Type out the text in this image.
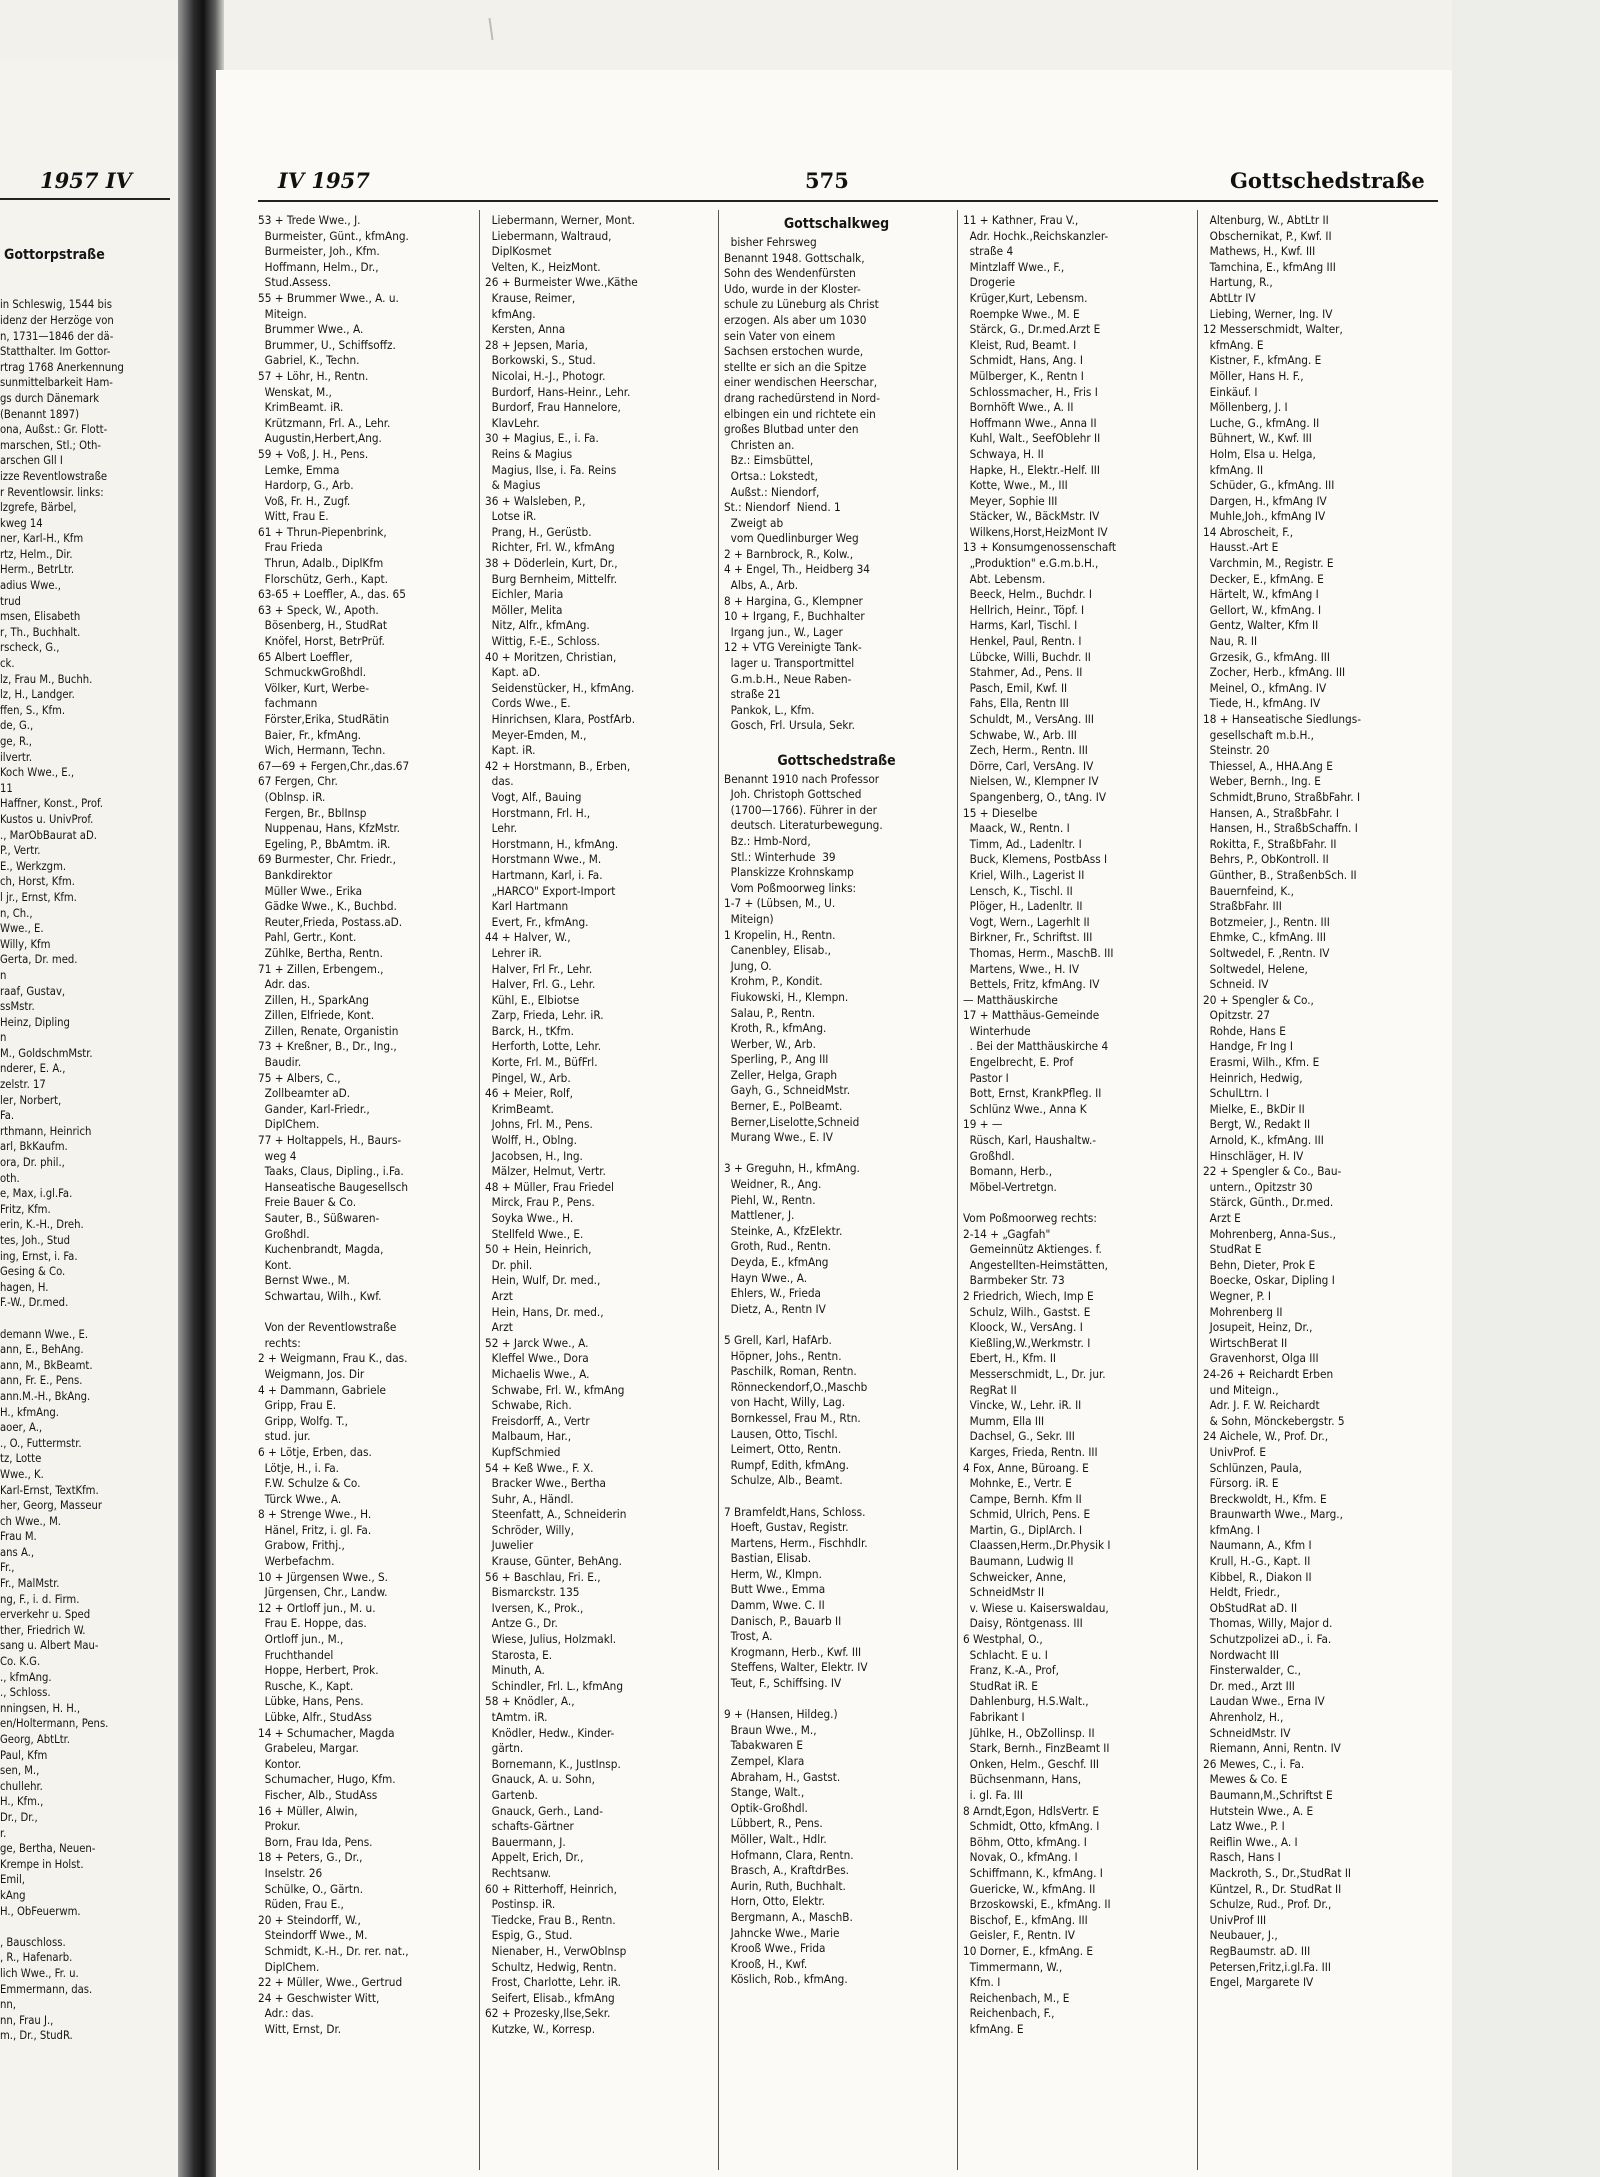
1957 IV

Gottorpstraße

in Schleswig, 1544 bis
idenz der Herzöge von
n, 1731—1846 der dä-
Statthalter. Im Gottor-
rtrag 1768 Anerkennung
sunmittelbarkeit Ham-
gs durch Dänemark
(Benannt 1897)
ona, Außst.: Gr. Flott-
marschen, Stl.; Oth-
arschen Gll I
izze Reventlowstraße
r Reventlowsir. links:
lzgrefe, Bärbel,
kweg 14
ner, Karl-H., Kfm
rtz, Helm., Dir.
Herm., BetrLtr.
adius Wwe.,
trud
msen, Elisabeth
r, Th., Buchhalt.
rscheck, G.,
ck.
lz, Frau M., Buchh.
lz, H., Landger.
ffen, S., Kfm.
de, G.,
ge, R.,
ilvertr.
Koch Wwe., E.,
11
Haffner, Konst., Prof.
Kustos u. UnivProf.
., MarObBaurat aD.
P., Vertr.
E., Werkzgm.
ch, Horst, Kfm.
l jr., Ernst, Kfm.
n, Ch.,
Wwe., E.
Willy, Kfm
Gerta, Dr. med.
n
raaf, Gustav,
ssMstr.
Heinz, Dipling
n
M., GoldschmMstr.
nderer, E. A.,
zelstr. 17
ler, Norbert,
Fa.
rthmann, Heinrich
arl, BkKaufm.
ora, Dr. phil.,
oth.
e, Max, i.gl.Fa.
Fritz, Kfm.
erin, K.-H., Dreh.
tes, Joh., Stud
ing, Ernst, i. Fa.
Gesing & Co.
hagen, H.
F.-W., Dr.med.
demann Wwe., E.
ann, E., BehAng.
ann, M., BkBeamt.
ann, Fr. E., Pens.
ann.M.-H., BkAng.
H., kfmAng.
aoer, A.,
., O., Futtermstr.
tz, Lotte
Wwe., K.
Karl-Ernst, TextKfm.
her, Georg, Masseur
ch Wwe., M.
Frau M.
ans A.,
Fr.,
Fr., MalMstr.
ng, F., i. d. Firm.
erverkehr u. Sped
ther, Friedrich W.
sang u. Albert Mau-
Co. K.G.
., kfmAng.
., Schloss.
nningsen, H. H.,
en/Holtermann, Pens.
Georg, AbtLtr.
Paul, Kfm
sen, M.,
chullehr.
H., Kfm.,
Dr., Dr.,
r.
ge, Bertha, Neuen-
Krempe in Holst.
Emil,
kAng
H., ObFeuerwm.
, Bauschloss.
, R., Hafenarb.
lich Wwe., Fr. u.
Emmermann, das.
nn,
nn, Frau J.,
m., Dr., StudR.
IV 1957	575	Gottschedstraße
53 + Trede Wwe., J.
Burmeister, Günt., kfmAng.
Burmeister, Joh., Kfm.
Hoffmann, Helm., Dr.,
Stud.Assess.
55 + Brummer Wwe., A. u.
Miteign.
Brummer Wwe., A.
Brummer, U., Schiffsoffz.
Gabriel, K., Techn.
57 + Löhr, H., Rentn.
Wenskat, M.,
KrimBeamt. iR.
Krützmann, Frl. A., Lehr.
Augustin,Herbert,Ang.
59 + Voß, J. H., Pens.
Lemke, Emma
Hardorp, G., Arb.
Voß, Fr. H., Zugf.
Witt, Frau E.
61 + Thrun-Piepenbrink,
Frau Frieda
Thrun, Adalb., DiplKfm
Florschütz, Gerh., Kapt.
63-65 + Loeffler, A., das. 65
63 + Speck, W., Apoth.
Bösenberg, H., StudRat
Knöfel, Horst, BetrPrüf.
65 Albert Loeffler,
SchmuckwGroßhdl.
Völker, Kurt, Werbe-
fachmann
Förster,Erika, StudRätin
Baier, Fr., kfmAng.
Wich, Hermann, Techn.
67—69 + Fergen,Chr.,das.67
67 Fergen, Chr.
(Oblnsp. iR.
Fergen, Br., BblInsp
Nuppenau, Hans, KfzMstr.
Egeling, P., BbAmtm. iR.
69 Burmester, Chr. Friedr.,
Bankdirektor
Müller Wwe., Erika
Gädke Wwe., K., Buchbd.
Reuter,Frieda, Postass.aD.
Pahl, Gertr., Kont.
Zühlke, Bertha, Rentn.
71 + Zillen, Erbengem.,
Adr. das.
Zillen, H., SparkAng
Zillen, Elfriede, Kont.
Zillen, Renate, Organistin
73 + Kreßner, B., Dr., Ing.,
Baudir.
75 + Albers, C.,
Zollbeamter aD.
Gander, Karl-Friedr.,
DiplChem.
77 + Holtappels, H., Baurs-
weg 4
Taaks, Claus, Dipling., i.Fa.
Hanseatische Baugesellsch
Freie Bauer & Co.
Sauter, B., Süßwaren-
Großhdl.
Kuchenbrandt, Magda,
Kont.
Bernst Wwe., M.
Schwartau, Wilh., Kwf.
Von der Reventlowstraße
rechts:
2 + Weigmann, Frau K., das.
Weigmann, Jos. Dir
4 + Dammann, Gabriele
Gripp, Frau E.
Gripp, Wolfg. T.,
stud. jur.
6 + Lötje, Erben, das.
Lötje, H., i. Fa.
F.W. Schulze & Co.
Türck Wwe., A.
8 + Strenge Wwe., H.
Hänel, Fritz, i. gl. Fa.
Grabow, Frithj.,
Werbefachm.
10 + Jürgensen Wwe., S.
Jürgensen, Chr., Landw.
12 + Ortloff jun., M. u.
Frau E. Hoppe, das.
Ortloff jun., M.,
Fruchthandel
Hoppe, Herbert, Prok.
Rusche, K., Kapt.
Lübke, Hans, Pens.
Lübke, Alfr., StudAss
14 + Schumacher, Magda
Grabeleu, Margar.
Kontor.
Schumacher, Hugo, Kfm.
Fischer, Alb., StudAss
16 + Müller, Alwin,
Prokur.
Born, Frau Ida, Pens.
18 + Peters, G., Dr.,
Inselstr. 26
Schülke, O., Gärtn.
Rüden, Frau E.,
20 + Steindorff, W.,
Steindorff Wwe., M.
Schmidt, K.-H., Dr. rer. nat.,
DiplChem.
22 + Müller, Wwe., Gertrud
24 + Geschwister Witt,
Adr.: das.
Witt, Ernst, Dr.
Liebermann, Werner, Mont.
Liebermann, Waltraud,
DiplKosmet
Velten, K., HeizMont.
26 + Burmeister Wwe.,Käthe
Krause, Reimer,
kfmAng.
Kersten, Anna
28 + Jepsen, Maria,
Borkowski, S., Stud.
Nicolai, H.-J., Photogr.
Burdorf, Hans-Heinr., Lehr.
Burdorf, Frau Hannelore,
KlavLehr.
30 + Magius, E., i. Fa.
Reins & Magius
Magius, Ilse, i. Fa. Reins
& Magius
36 + Walsleben, P.,
Lotse iR.
Prang, H., Gerüstb.
Richter, Frl. W., kfmAng
38 + Döderlein, Kurt, Dr.,
Burg Bernheim, Mittelfr.
Eichler, Maria
Möller, Melita
Nitz, Alfr., kfmAng.
Wittig, F.-E., Schloss.
40 + Moritzen, Christian,
Kapt. aD.
Seidenstücker, H., kfmAng.
Cords Wwe., E.
Hinrichsen, Klara, PostfArb.
Meyer-Emden, M.,
Kapt. iR.
42 + Horstmann, B., Erben,
das.
Vogt, Alf., Bauing
Horstmann, Frl. H.,
Lehr.
Horstmann, H., kfmAng.
Horstmann Wwe., M.
Hartmann, Karl, i. Fa.
„HARCO" Export-Import
Karl Hartmann
Evert, Fr., kfmAng.
44 + Halver, W.,
Lehrer iR.
Halver, Frl Fr., Lehr.
Halver, Frl. G., Lehr.
Kühl, E., Elbiotse
Zarp, Frieda, Lehr. iR.
Barck, H., tKfm.
Herforth, Lotte, Lehr.
Korte, Frl. M., BüfFrl.
Pingel, W., Arb.
46 + Meier, Rolf,
KrimBeamt.
Johns, Frl. M., Pens.
Wolff, H., Oblng.
Jacobsen, H., Ing.
Mälzer, Helmut, Vertr.
48 + Müller, Frau Friedel
Mirck, Frau P., Pens.
Soyka Wwe., H.
Stellfeld Wwe., E.
50 + Hein, Heinrich,
Dr. phil.
Hein, Wulf, Dr. med.,
Arzt
Hein, Hans, Dr. med.,
Arzt
52 + Jarck Wwe., A.
Kleffel Wwe., Dora
Michaelis Wwe., A.
Schwabe, Frl. W., kfmAng
Schwabe, Rich.
Freisdorff, A., Vertr
Malbaum, Har.,
KupfSchmied
54 + Keß Wwe., F. X.
Bracker Wwe., Bertha
Suhr, A., Händl.
Steenfatt, A., Schneiderin
Schröder, Willy,
Juwelier
Krause, Günter, BehAng.
56 + Baschlau, Fri. E.,
Bismarckstr. 135
Iversen, K., Prok.,
Antze G., Dr.
Wiese, Julius, Holzmakl.
Starosta, E.
Minuth, A.
Schindler, Frl. L., kfmAng
58 + Knödler, A.,
tAmtm. iR.
Knödler, Hedw., Kinder-
gärtn.
Bornemann, K., JustInsp.
Gnauck, A. u. Sohn,
Gartenb.
Gnauck, Gerh., Land-
schafts-Gärtner
Bauermann, J.
Appelt, Erich, Dr.,
Rechtsanw.
60 + Ritterhoff, Heinrich,
Postinsp. iR.
Tiedcke, Frau B., Rentn.
Espig, G., Stud.
Nienaber, H., VerwOblnsp
Schultz, Hedwig, Rentn.
Frost, Charlotte, Lehr. iR.
Seifert, Elisab., kfmAng
62 + Prozesky,Ilse,Sekr.
Kutzke, W., Korresp.
Gottschalkweg
bisher Fehrsweg
Benannt 1948. Gottschalk,
Sohn des Wendenfürsten
Udo, wurde in der Kloster-
schule zu Lüneburg als Christ
erzogen. Als aber um 1030
sein Vater von einem
Sachsen erstochen wurde,
stellte er sich an die Spitze
einer wendischen Heerschar,
drang rachedürstend in Nord-
elbingen ein und richtete ein
großes Blutbad unter den
Christen an.
Bz.: Eimsbüttel,
Ortsa.: Lokstedt,
Außst.: Niendorf,
St.: Niendorf  Niend. 1
Zweigt ab
vom Quedlinburger Weg
2 + Barnbrock, R., Kolw.,
4 + Engel, Th., Heidberg 34
Albs, A., Arb.
8 + Hargina, G., Klempner
10 + Irgang, F., Buchhalter
Irgang jun., W., Lager
12 + VTG Vereinigte Tank-
lager u. Transportmittel
G.m.b.H., Neue Raben-
straße 21
Pankok, L., Kfm.
Gosch, Frl. Ursula, Sekr.
Gottschedstraße
Benannt 1910 nach Professor
Joh. Christoph Gottsched
(1700—1766). Führer in der
deutsch. Literaturbewegung.
Bz.: Hmb-Nord,
Stl.: Winterhude  39
Planskizze Krohnskamp
Vom Poßmoorweg links:
1-7 + (Lübsen, M., U.
Miteign)
1 Kropelin, H., Rentn.
Canenbley, Elisab.,
Jung, O.
Krohm, P., Kondit.
Fiukowski, H., Klempn.
Salau, P., Rentn.
Kroth, R., kfmAng.
Werber, W., Arb.
Sperling, P., Ang III
Zeller, Helga, Graph
Gayh, G., SchneidMstr.
Berner, E., PolBeamt.
Berner,Liselotte,Schneid
Murang Wwe., E. IV
3 + Greguhn, H., kfmAng.
Weidner, R., Ang.
Piehl, W., Rentn.
Mattlener, J.
Steinke, A., KfzElektr.
Groth, Rud., Rentn.
Deyda, E., kfmAng
Hayn Wwe., A.
Ehlers, W., Frieda
Dietz, A., Rentn IV
5 Grell, Karl, HafArb.
Höpner, Johs., Rentn.
Paschilk, Roman, Rentn.
Rönneckendorf,O.,Maschb
von Hacht, Willy, Lag.
Bornkessel, Frau M., Rtn.
Lausen, Otto, Tischl.
Leimert, Otto, Rentn.
Rumpf, Edith, kfmAng.
Schulze, Alb., Beamt.
7 Bramfeldt,Hans, Schloss.
Hoeft, Gustav, Registr.
Martens, Herm., Fischhdlr.
Bastian, Elisab.
Herm, W., Klmpn.
Butt Wwe., Emma
Damm, Wwe. C. II
Danisch, P., Bauarb II
Trost, A.
Krogmann, Herb., Kwf. III
Steffens, Walter, Elektr. IV
Teut, F., Schiffsing. IV
9 + (Hansen, Hildeg.)
Braun Wwe., M.,
Tabakwaren E
Zempel, Klara
Abraham, H., Gastst.
Stange, Walt.,
Optik-Großhdl.
Lübbert, R., Pens.
Möller, Walt., Hdlr.
Hofmann, Clara, Rentn.
Brasch, A., KraftdrBes.
Aurin, Ruth, Buchhalt.
Horn, Otto, Elektr.
Bergmann, A., MaschB.
Jahncke Wwe., Marie
Krooß Wwe., Frida
Krooß, H., Kwf.
Köslich, Rob., kfmAng.
11 + Kathner, Frau V.,
Adr. Hochk.,Reichskanzler-
straße 4
Mintzlaff Wwe., F.,
Drogerie
Krüger,Kurt, Lebensm.
Roempke Wwe., M. E
Stärck, G., Dr.med.Arzt E
Kleist, Rud, Beamt. I
Schmidt, Hans, Ang. I
Mülberger, K., Rentn I
Schlossmacher, H., Fris I
Bornhöft Wwe., A. II
Hoffmann Wwe., Anna II
Kuhl, Walt., SeefOblehr II
Schwaya, H. II
Hapke, H., Elektr.-Helf. III
Kotte, Wwe., M., III
Meyer, Sophie III
Stäcker, W., BäckMstr. IV
Wilkens,Horst,HeizMont IV
13 + Konsumgenossenschaft
„Produktion" e.G.m.b.H.,
Abt. Lebensm.
Beeck, Helm., Buchdr. I
Hellrich, Heinr., Töpf. I
Harms, Karl, Tischl. I
Henkel, Paul, Rentn. I
Lübcke, Willi, Buchdr. II
Stahmer, Ad., Pens. II
Pasch, Emil, Kwf. II
Fahs, Ella, Rentn III
Schuldt, M., VersAng. III
Schwabe, W., Arb. III
Zech, Herm., Rentn. III
Dörre, Carl, VersAng. IV
Nielsen, W., Klempner IV
Spangenberg, O., tAng. IV
15 + Dieselbe
Maack, W., Rentn. I
Timm, Ad., Ladenltr. I
Buck, Klemens, PostbAss I
Kriel, Wilh., Lagerist II
Lensch, K., Tischl. II
Plöger, H., Ladenltr. II
Vogt, Wern., Lagerhlt II
Birkner, Fr., Schriftst. III
Thomas, Herm., MaschB. III
Martens, Wwe., H. IV
Bettels, Fritz, kfmAng. IV
— Matthäuskirche
17 + Matthäus-Gemeinde
Winterhude
. Bei der Matthäuskirche 4
Engelbrecht, E. Prof
Pastor I
Bott, Ernst, KrankPfleg. II
Schlünz Wwe., Anna K
19 + —
Rüsch, Karl, Haushaltw.-
Großhdl.
Bomann, Herb.,
Möbel-Vertretgn.
Vom Poßmoorweg rechts:
2-14 + „Gagfah"
Gemeinnütz Aktienges. f.
Angestellten-Heimstätten,
Barmbeker Str. 73
2 Friedrich, Wiech, Imp E
Schulz, Wilh., Gastst. E
Kloock, W., VersAng. I
Kießling,W.,Werkmstr. I
Ebert, H., Kfm. II
Messerschmidt, L., Dr. jur.
RegRat II
Vincke, W., Lehr. iR. II
Mumm, Ella III
Dachsel, G., Sekr. III
Karges, Frieda, Rentn. III
4 Fox, Anne, Büroang. E
Mohnke, E., Vertr. E
Campe, Bernh. Kfm II
Schmid, Ulrich, Pens. E
Martin, G., DiplArch. I
Claassen,Herm.,Dr.Physik I
Baumann, Ludwig II
Schweicker, Anne,
SchneidMstr II
v. Wiese u. Kaiserswaldau,
Daisy, Röntgenass. III
6 Westphal, O.,
Schlacht. E u. I
Franz, K.-A., Prof,
StudRat iR. E
Dahlenburg, H.S.Walt.,
Fabrikant I
Jühlke, H., ObZollinsp. II
Stark, Bernh., FinzBeamt II
Onken, Helm., Geschf. III
Büchsenmann, Hans,
i. gl. Fa. III
8 Arndt,Egon, HdlsVertr. E
Schmidt, Otto, kfmAng. I
Böhm, Otto, kfmAng. I
Novak, O., kfmAng. I
Schiffmann, K., kfmAng. I
Guericke, W., kfmAng. II
Brzoskowski, E., kfmAng. II
Bischof, E., kfmAng. III
Geisler, F., Rentn. IV
10 Dorner, E., kfmAng. E
Timmermann, W.,
Kfm. I
Reichenbach, M., E
Reichenbach, F.,
kfmAng. E
Altenburg, W., AbtLtr II
Obschernikat, P., Kwf. II
Mathews, H., Kwf. III
Tamchina, E., kfmAng III
Hartung, R.,
AbtLtr IV
Liebing, Werner, Ing. IV
12 Messerschmidt, Walter,
kfmAng. E
Kistner, F., kfmAng. E
Möller, Hans H. F.,
Einkäuf. I
Möllenberg, J. I
Luche, G., kfmAng. II
Bühnert, W., Kwf. III
Holm, Elsa u. Helga,
kfmAng. II
Schüder, G., kfmAng. III
Dargen, H., kfmAng IV
Muhle,Joh., kfmAng IV
14 Abroscheit, F.,
Hausst.-Art E
Varchmin, M., Registr. E
Decker, E., kfmAng. E
Härtelt, W., kfmAng I
Gellort, W., kfmAng. I
Gentz, Walter, Kfm II
Nau, R. II
Grzesik, G., kfmAng. III
Zocher, Herb., kfmAng. III
Meinel, O., kfmAng. IV
Tiede, H., kfmAng. IV
18 + Hanseatische Siedlungs-
gesellschaft m.b.H.,
Steinstr. 20
Thiessel, A., HHA.Ang E
Weber, Bernh., Ing. E
Schmidt,Bruno, StraßbFahr. I
Hansen, A., StraßbFahr. I
Hansen, H., StraßbSchaffn. I
Rokitta, F., StraßbFahr. II
Behrs, P., ObKontroll. II
Günther, B., StraßenbSch. II
Bauernfeind, K.,
StraßbFahr. III
Botzmeier, J., Rentn. III
Ehmke, C., kfmAng. III
Soltwedel, F. ,Rentn. IV
Soltwedel, Helene,
Schneid. IV
20 + Spengler & Co.,
Opitzstr. 27
Rohde, Hans E
Handge, Fr Ing I
Erasmi, Wilh., Kfm. E
Heinrich, Hedwig,
SchulLtrn. I
Mielke, E., BkDir II
Bergt, W., Redakt II
Arnold, K., kfmAng. III
Hinschläger, H. IV
22 + Spengler & Co., Bau-
untern., Opitzstr 30
Stärck, Günth., Dr.med.
Arzt E
Mohrenberg, Anna-Sus.,
StudRat E
Behn, Dieter, Prok E
Boecke, Oskar, Dipling I
Wegner, P. I
Mohrenberg II
Josupeit, Heinz, Dr.,
WirtschBerat II
Gravenhorst, Olga III
24-26 + Reichardt Erben
und Miteign.,
Adr. J. F. W. Reichardt
& Sohn, Mönckebergstr. 5
24 Aichele, W., Prof. Dr.,
UnivProf. E
Schlünzen, Paula,
Fürsorg. iR. E
Breckwoldt, H., Kfm. E
Braunwarth Wwe., Marg.,
kfmAng. I
Naumann, A., Kfm I
Krull, H.-G., Kapt. II
Kibbel, R., Diakon II
Heldt, Friedr.,
ObStudRat aD. II
Thomas, Willy, Major d.
Schutzpolizei aD., i. Fa.
Nordwacht III
Finsterwalder, C.,
Dr. med., Arzt III
Laudan Wwe., Erna IV
Ahrenholz, H.,
SchneidMstr. IV
Riemann, Anni, Rentn. IV
26 Mewes, C., i. Fa.
Mewes & Co. E
Baumann,M.,Schriftst E
Hutstein Wwe., A. E
Latz Wwe., P. I
Reiflin Wwe., A. I
Rasch, Hans I
Mackroth, S., Dr.,StudRat II
Küntzel, R., Dr. StudRat II
Schulze, Rud., Prof. Dr.,
UnivProf III
Neubauer, J.,
RegBaumstr. aD. III
Petersen,Fritz,i.gl.Fa. III
Engel, Margarete IV
